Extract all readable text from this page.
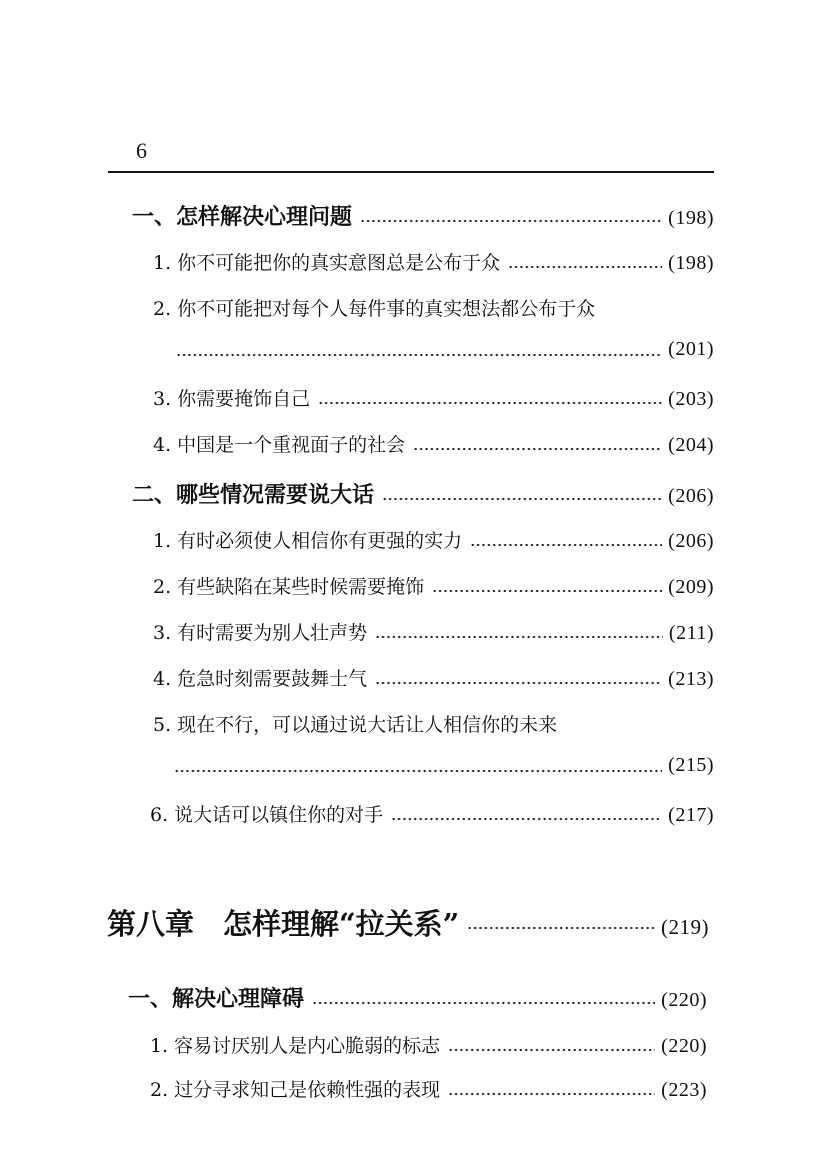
6
一、怎样解决心理问题	(198)
1. 你不可能把你的真实意图总是公布于众	(198)
2. 你不可能把对每个人每件事的真实想法都公布于众
(201)
3. 你需要掩饰自己	(203)
4. 中国是一个重视面子的社会	(204)
二、哪些情况需要说大话	(206)
1. 有时必须使人相信你有更强的实力	(206)
2. 有些缺陷在某些时候需要掩饰	(209)
3. 有时需要为别人壮声势	(211)
4. 危急时刻需要鼓舞士气	(213)
5. 现在不行，可以通过说大话让人相信你的未来
(215)
6. 说大话可以镇住你的对手	(217)
第八章　怎样理解“拉关系”	(219)
一、解决心理障碍	(220)
1. 容易讨厌别人是内心脆弱的标志	(220)
2. 过分寻求知己是依赖性强的表现	(223)
